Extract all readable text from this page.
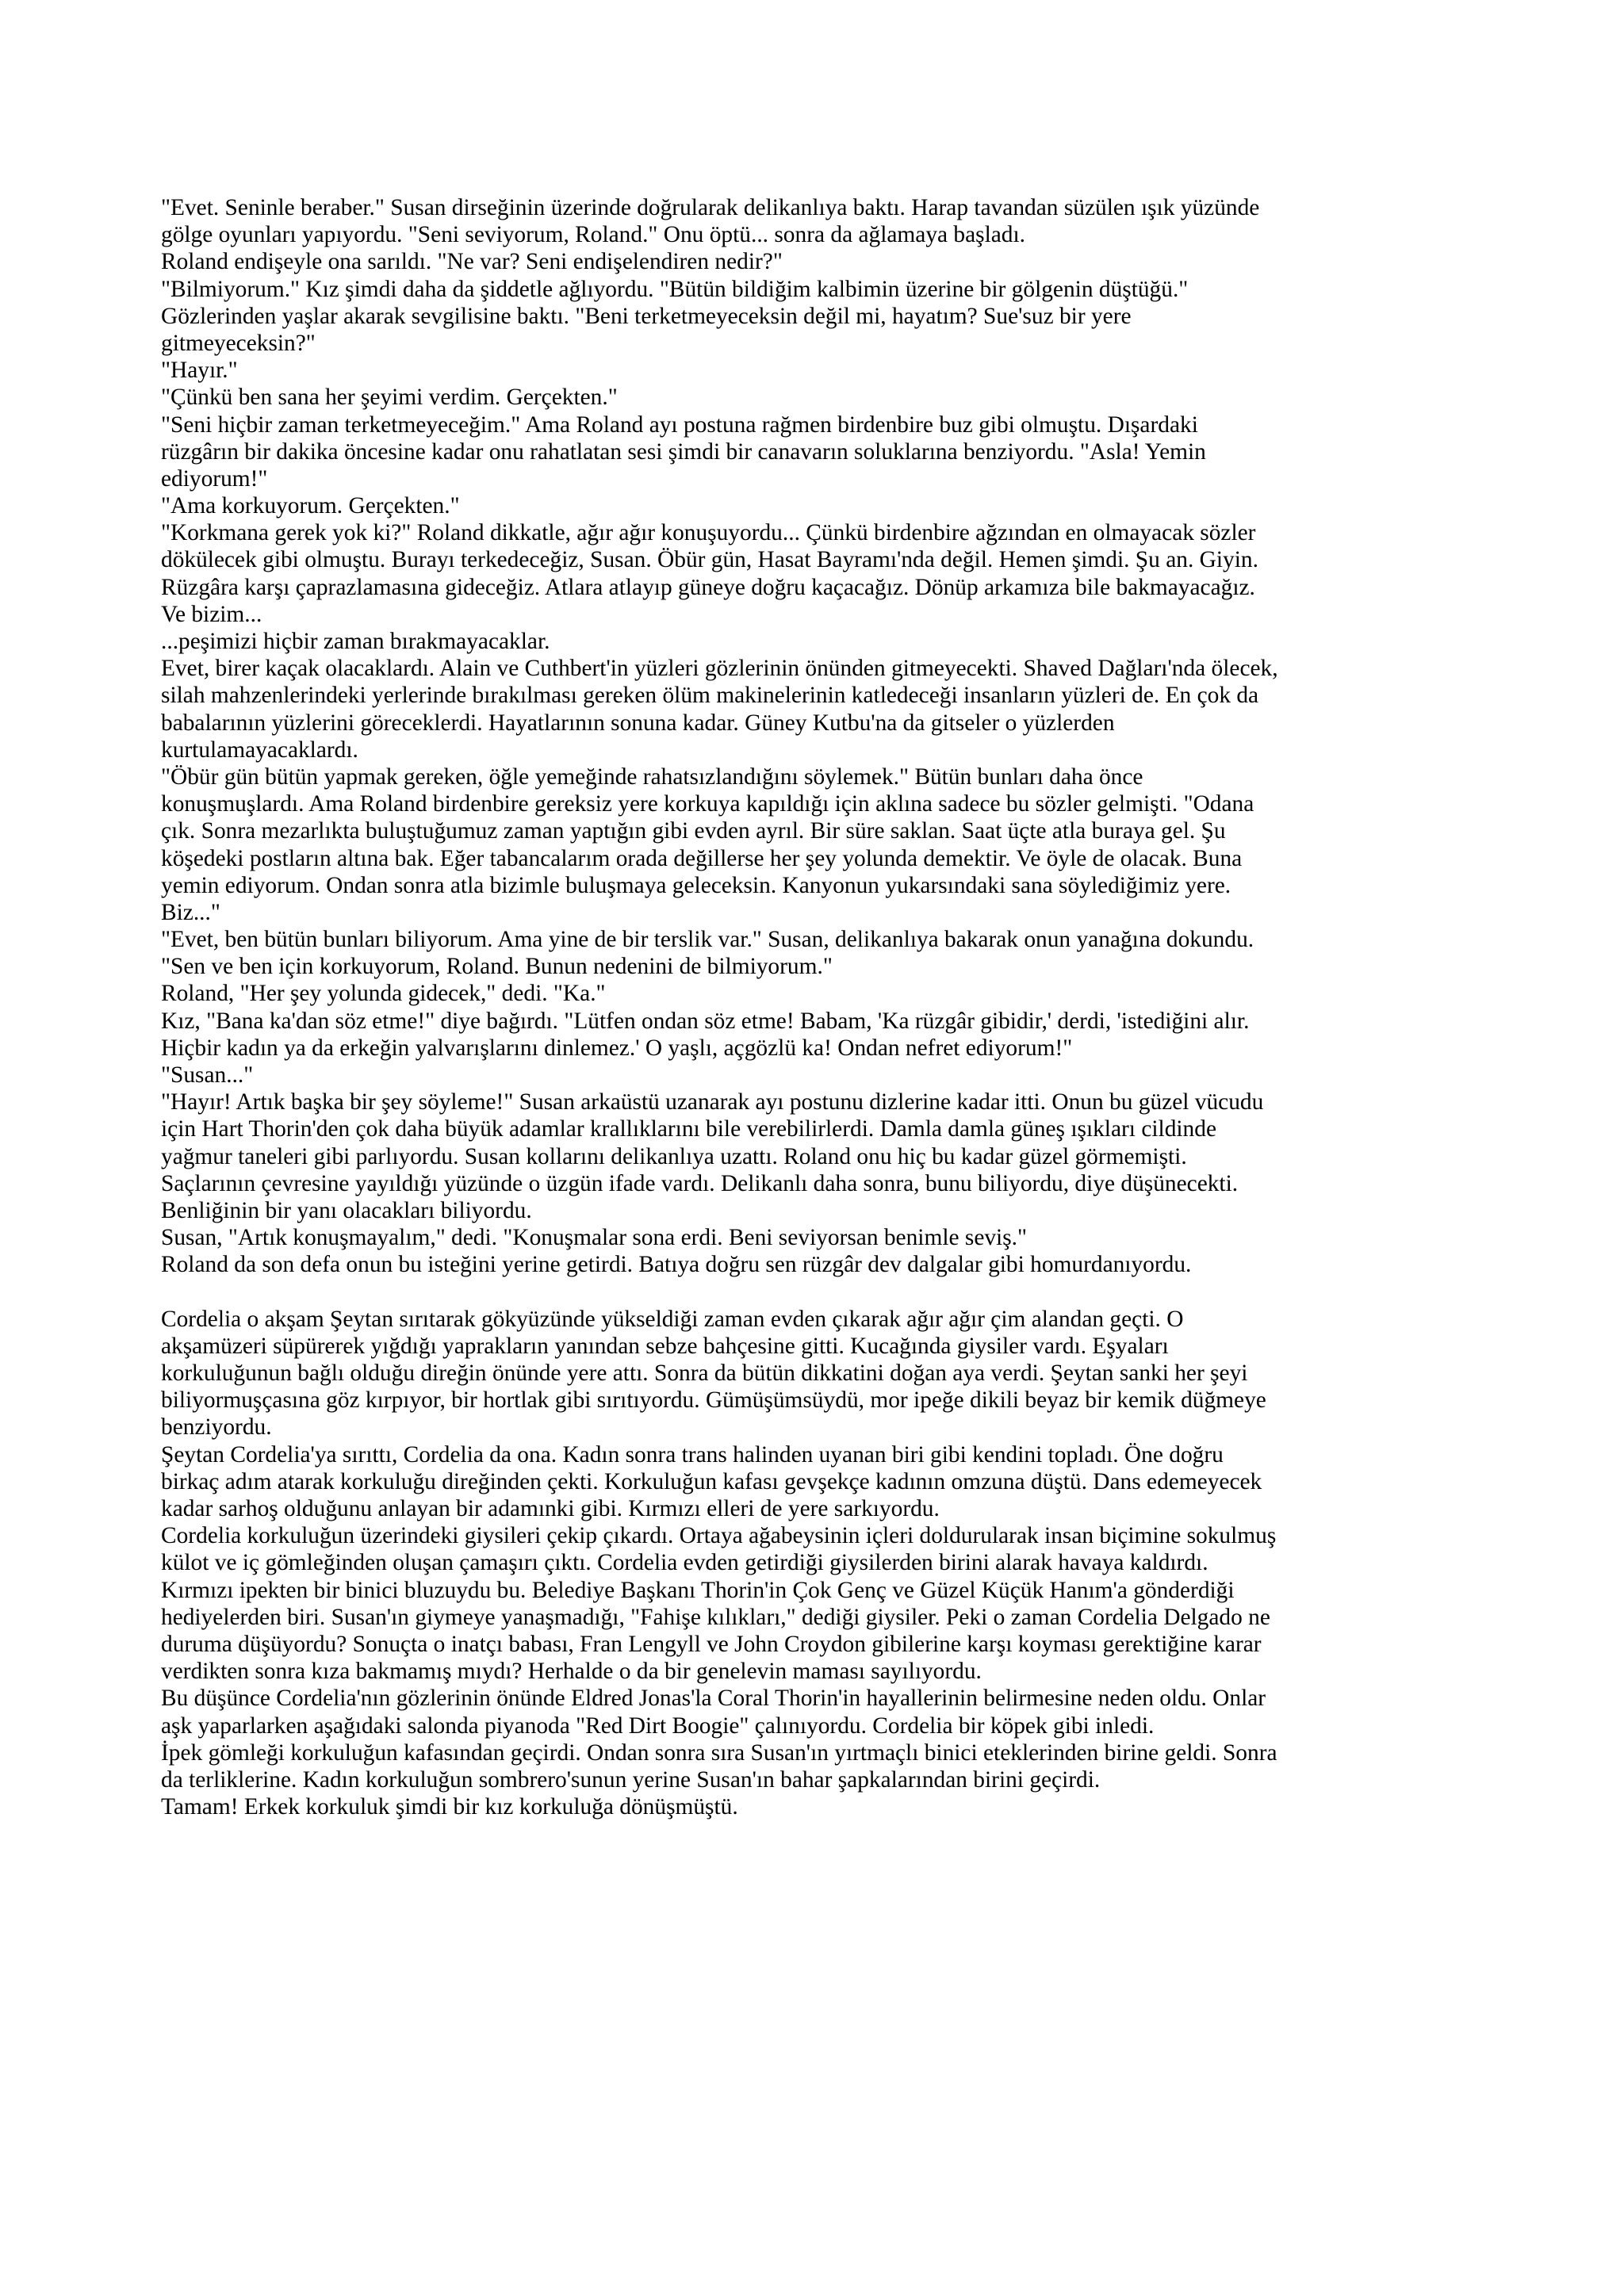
"Evet. Seninle beraber." Susan dirseğinin üzerinde doğrularak delikanlıya baktı. Harap tavandan süzülen ışık yüzünde
gölge oyunları yapıyordu. "Seni seviyorum, Roland." Onu öptü... sonra da ağlamaya başladı.
Roland endişeyle ona sarıldı. "Ne var? Seni endişelendiren nedir?"
"Bilmiyorum." Kız şimdi daha da şiddetle ağlıyordu. "Bütün bildiğim kalbimin üzerine bir gölgenin düştüğü."
Gözlerinden yaşlar akarak sevgilisine baktı. "Beni terketmeyeceksin değil mi, hayatım? Sue'suz bir yere
gitmeyeceksin?"
"Hayır."
"Çünkü ben sana her şeyimi verdim. Gerçekten."
"Seni hiçbir zaman terketmeyeceğim." Ama Roland ayı postuna rağmen birdenbire buz gibi olmuştu. Dışardaki
rüzgârın bir dakika öncesine kadar onu rahatlatan sesi şimdi bir canavarın soluklarına benziyordu. "Asla! Yemin
ediyorum!"
"Ama korkuyorum. Gerçekten."
"Korkmana gerek yok ki?" Roland dikkatle, ağır ağır konuşuyordu... Çünkü birdenbire ağzından en olmayacak sözler
dökülecek gibi olmuştu. Burayı terkedeceğiz, Susan. Öbür gün, Hasat Bayramı'nda değil. Hemen şimdi. Şu an. Giyin.
Rüzgâra karşı çaprazlamasına gideceğiz. Atlara atlayıp güneye doğru kaçacağız. Dönüp arkamıza bile bakmayacağız.
Ve bizim...
...peşimizi hiçbir zaman bırakmayacaklar.
Evet, birer kaçak olacaklardı. Alain ve Cuthbert'in yüzleri gözlerinin önünden gitmeyecekti. Shaved Dağları'nda ölecek,
silah mahzenlerindeki yerlerinde bırakılması gereken ölüm makinelerinin katledeceği insanların yüzleri de. En çok da
babalarının yüzlerini göreceklerdi. Hayatlarının sonuna kadar. Güney Kutbu'na da gitseler o yüzlerden
kurtulamayacaklardı.
"Öbür gün bütün yapmak gereken, öğle yemeğinde rahatsızlandığını söylemek." Bütün bunları daha önce
konuşmuşlardı. Ama Roland birdenbire gereksiz yere korkuya kapıldığı için aklına sadece bu sözler gelmişti. "Odana
çık. Sonra mezarlıkta buluştuğumuz zaman yaptığın gibi evden ayrıl. Bir süre saklan. Saat üçte atla buraya gel. Şu
köşedeki postların altına bak. Eğer tabancalarım orada değillerse her şey yolunda demektir. Ve öyle de olacak. Buna
yemin ediyorum. Ondan sonra atla bizimle buluşmaya geleceksin. Kanyonun yukarsındaki sana söylediğimiz yere.
Biz..."
"Evet, ben bütün bunları biliyorum. Ama yine de bir terslik var." Susan, delikanlıya bakarak onun yanağına dokundu.
"Sen ve ben için korkuyorum, Roland. Bunun nedenini de bilmiyorum."
Roland, "Her şey yolunda gidecek," dedi. "Ka."
Kız, "Bana ka'dan söz etme!" diye bağırdı. "Lütfen ondan söz etme! Babam, 'Ka rüzgâr gibidir,' derdi, 'istediğini alır.
Hiçbir kadın ya da erkeğin yalvarışlarını dinlemez.' O yaşlı, açgözlü ka! Ondan nefret ediyorum!"
"Susan..."
"Hayır! Artık başka bir şey söyleme!" Susan arkaüstü uzanarak ayı postunu dizlerine kadar itti. Onun bu güzel vücudu
için Hart Thorin'den çok daha büyük adamlar krallıklarını bile verebilirlerdi. Damla damla güneş ışıkları cildinde
yağmur taneleri gibi parlıyordu. Susan kollarını delikanlıya uzattı. Roland onu hiç bu kadar güzel görmemişti.
Saçlarının çevresine yayıldığı yüzünde o üzgün ifade vardı. Delikanlı daha sonra, bunu biliyordu, diye düşünecekti.
Benliğinin bir yanı olacakları biliyordu.
Susan, "Artık konuşmayalım," dedi. "Konuşmalar sona erdi. Beni seviyorsan benimle seviş."
Roland da son defa onun bu isteğini yerine getirdi. Batıya doğru sen rüzgâr dev dalgalar gibi homurdanıyordu.
Cordelia o akşam Şeytan sırıtarak gökyüzünde yükseldiği zaman evden çıkarak ağır ağır çim alandan geçti. O
akşamüzeri süpürerek yığdığı yaprakların yanından sebze bahçesine gitti. Kucağında giysiler vardı. Eşyaları
korkuluğunun bağlı olduğu direğin önünde yere attı. Sonra da bütün dikkatini doğan aya verdi. Şeytan sanki her şeyi
biliyormuşçasına göz kırpıyor, bir hortlak gibi sırıtıyordu. Gümüşümsüydü, mor ipeğe dikili beyaz bir kemik düğmeye
benziyordu.
Şeytan Cordelia'ya sırıttı, Cordelia da ona. Kadın sonra trans halinden uyanan biri gibi kendini topladı. Öne doğru
birkaç adım atarak korkuluğu direğinden çekti. Korkuluğun kafası gevşekçe kadının omzuna düştü. Dans edemeyecek
kadar sarhoş olduğunu anlayan bir adamınki gibi. Kırmızı elleri de yere sarkıyordu.
Cordelia korkuluğun üzerindeki giysileri çekip çıkardı. Ortaya ağabeysinin içleri doldurularak insan biçimine sokulmuş
külot ve iç gömleğinden oluşan çamaşırı çıktı. Cordelia evden getirdiği giysilerden birini alarak havaya kaldırdı.
Kırmızı ipekten bir binici bluzuydu bu. Belediye Başkanı Thorin'in Çok Genç ve Güzel Küçük Hanım'a gönderdiği
hediyelerden biri. Susan'ın giymeye yanaşmadığı, "Fahişe kılıkları," dediği giysiler. Peki o zaman Cordelia Delgado ne
duruma düşüyordu? Sonuçta o inatçı babası, Fran Lengyll ve John Croydon gibilerine karşı koyması gerektiğine karar
verdikten sonra kıza bakmamış mıydı? Herhalde o da bir genelevin maması sayılıyordu.
Bu düşünce Cordelia'nın gözlerinin önünde Eldred Jonas'la Coral Thorin'in hayallerinin belirmesine neden oldu. Onlar
aşk yaparlarken aşağıdaki salonda piyanoda "Red Dirt Boogie" çalınıyordu. Cordelia bir köpek gibi inledi.
İpek gömleği korkuluğun kafasından geçirdi. Ondan sonra sıra Susan'ın yırtmaçlı binici eteklerinden birine geldi. Sonra
da terliklerine. Kadın korkuluğun sombrero'sunun yerine Susan'ın bahar şapkalarından birini geçirdi.
Tamam! Erkek korkuluk şimdi bir kız korkuluğa dönüşmüştü.
